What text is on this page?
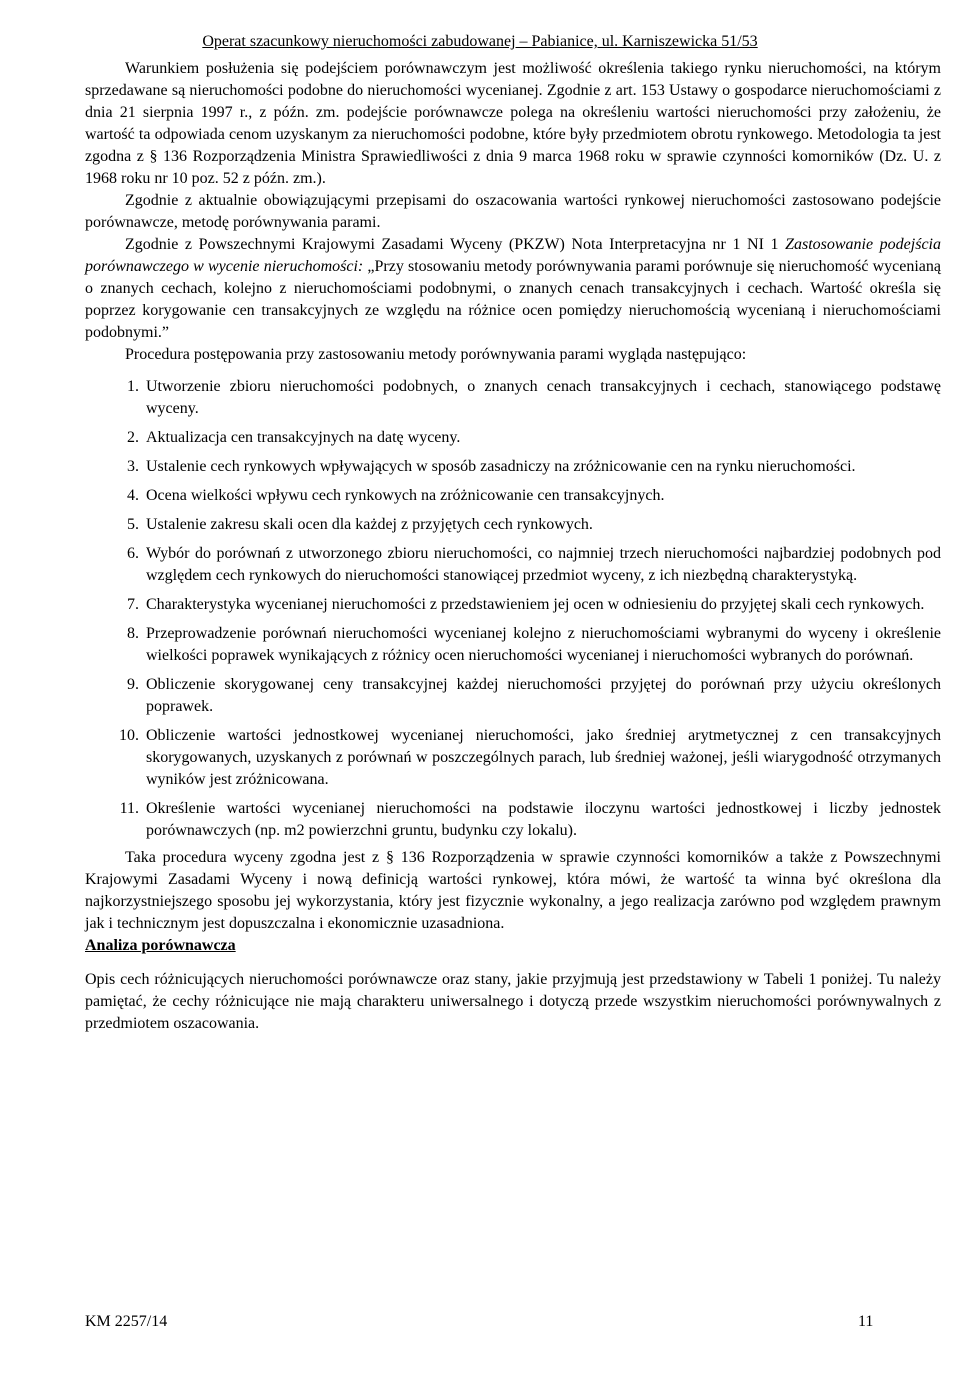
Operat szacunkowy nieruchomości zabudowanej – Pabianice, ul. Karniszewicka 51/53

Warunkiem posłużenia się podejściem porównawczym jest możliwość określenia takiego rynku nieruchomości, na którym sprzedawane są nieruchomości podobne do nieruchomości wycenianej. Zgodnie z art. 153 Ustawy o gospodarce nieruchomościami z dnia 21 sierpnia 1997 r., z późn. zm. podejście porównawcze polega na określeniu wartości nieruchomości przy założeniu, że wartość ta odpowiada cenom uzyskanym za nieruchomości podobne, które były przedmiotem obrotu rynkowego. Metodologia ta jest zgodna z § 136 Rozporządzenia Ministra Sprawiedliwości z dnia 9 marca 1968 roku w sprawie czynności komorników (Dz. U. z 1968 roku nr 10 poz. 52 z późn. zm.).

Zgodnie z aktualnie obowiązującymi przepisami do oszacowania wartości rynkowej nieruchomości zastosowano podejście porównawcze, metodę porównywania parami.

Zgodnie z Powszechnymi Krajowymi Zasadami Wyceny (PKZW) Nota Interpretacyjna nr 1 NI 1 Zastosowanie podejścia porównawczego w wycenie nieruchomości: „Przy stosowaniu metody porównywania parami porównuje się nieruchomość wycenianą o znanych cechach, kolejno z nieruchomościami podobnymi, o znanych cenach transakcyjnych i cechach. Wartość określa się poprzez korygowanie cen transakcyjnych ze względu na różnice ocen pomiędzy nieruchomością wycenianą i nieruchomościami podobnymi.”

Procedura postępowania przy zastosowaniu metody porównywania parami wygląda następująco:

1. Utworzenie zbioru nieruchomości podobnych, o znanych cenach transakcyjnych i cechach, stanowiącego podstawę wyceny.
2. Aktualizacja cen transakcyjnych na datę wyceny.
3. Ustalenie cech rynkowych wpływających w sposób zasadniczy na zróżnicowanie cen na rynku nieruchomości.
4. Ocena wielkości wpływu cech rynkowych na zróżnicowanie cen transakcyjnych.
5. Ustalenie zakresu skali ocen dla każdej z przyjętych cech rynkowych.
6. Wybór do porównań z utworzonego zbioru nieruchomości, co najmniej trzech nieruchomości najbardziej podobnych pod względem cech rynkowych do nieruchomości stanowiącej przedmiot wyceny, z ich niezbędną charakterystyką.
7. Charakterystyka wycenianej nieruchomości z przedstawieniem jej ocen w odniesieniu do przyjętej skali cech rynkowych.
8. Przeprowadzenie porównań nieruchomości wycenianej kolejno z nieruchomościami wybranymi do wyceny i określenie wielkości poprawek wynikających z różnicy ocen nieruchomości wycenianej i nieruchomości wybranych do porównań.
9. Obliczenie skorygowanej ceny transakcyjnej każdej nieruchomości przyjętej do porównań przy użyciu określonych poprawek.
10. Obliczenie wartości jednostkowej wycenianej nieruchomości, jako średniej arytmetycznej z cen transakcyjnych skorygowanych, uzyskanych z porównań w poszczególnych parach, lub średniej ważonej, jeśli wiarygodność otrzymanych wyników jest zróżnicowana.
11. Określenie wartości wycenianej nieruchomości na podstawie iloczynu wartości jednostkowej i liczby jednostek porównawczych (np. m2 powierzchni gruntu, budynku czy lokalu).

Taka procedura wyceny zgodna jest z § 136 Rozporządzenia w sprawie czynności komorników a także z Powszechnymi Krajowymi Zasadami Wyceny i nową definicją wartości rynkowej, która mówi, że wartość ta winna być określona dla najkorzystniejszego sposobu jej wykorzystania, który jest fizycznie wykonalny, a jego realizacja zarówno pod względem prawnym jak i technicznym jest dopuszczalna i ekonomicznie uzasadniona.

Analiza porównawcza

Opis cech różnicujących nieruchomości porównawcze oraz stany, jakie przyjmują jest przedstawiony w Tabeli 1 poniżej. Tu należy pamiętać, że cechy różnicujące nie mają charakteru uniwersalnego i dotyczą przede wszystkim nieruchomości porównywalnych z przedmiotem oszacowania.

KM 2257/14	11
